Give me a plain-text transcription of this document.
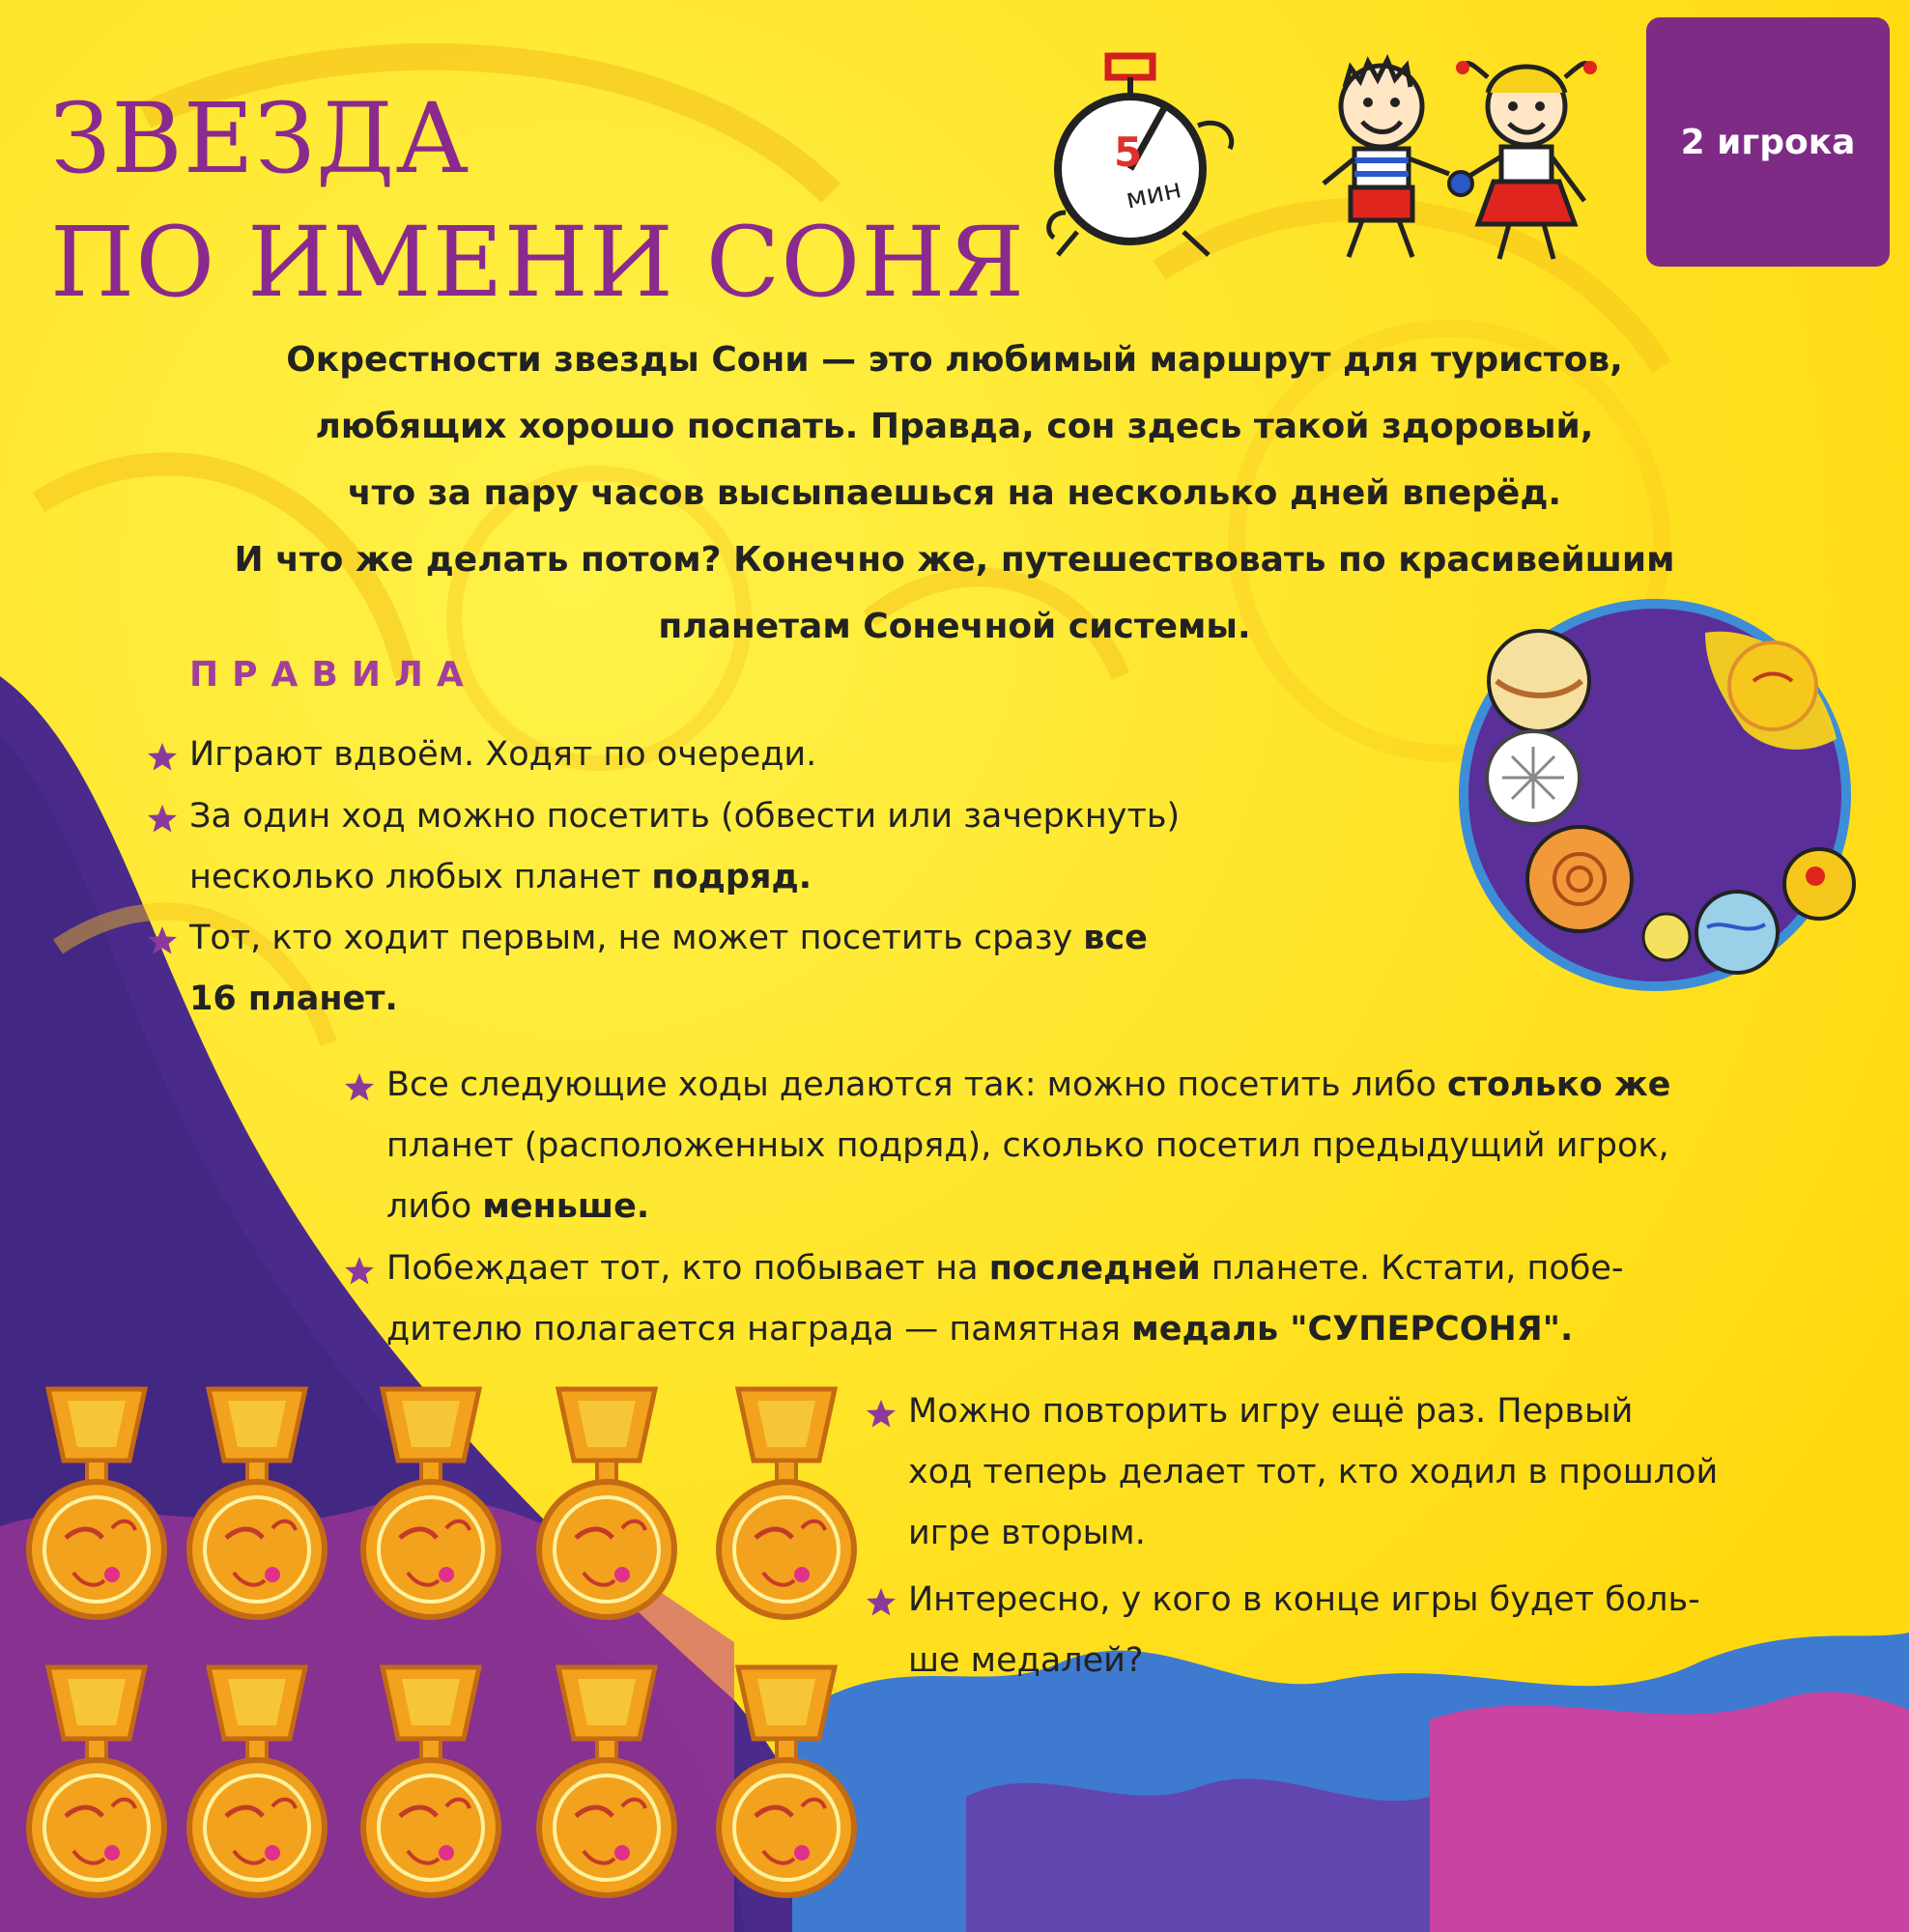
ЗВЕЗДА
ПО ИМЕНИ СОНЯ
5
мин
2 игрока
Окрестности звезды Сони — это любимый маршрут для туристов,
любящих хорошо поспать. Правда, сон здесь такой здоровый,
что за пару часов высыпаешься на несколько дней вперёд.
И что же делать потом? Конечно же, путешествовать по красивейшим
планетам Сонечной системы.
ПРАВИЛА
Играют вдвоём. Ходят по очереди.
За один ход можно посетить (обвести или зачеркнуть)
несколько любых планет подряд.
Тот, кто ходит первым, не может посетить сразу все
16 планет.
Все следующие ходы делаются так: можно посетить либо столько же
планет (расположенных подряд), сколько посетил предыдущий игрок,
либо меньше.
Побеждает тот, кто побывает на последней планете. Кстати, побе-
дителю полагается награда — памятная медаль "СУПЕРСОНЯ".
Можно повторить игру ещё раз. Первый
ход теперь делает тот, кто ходил в прошлой
игре вторым.
Интересно, у кого в конце игры будет боль-
ше медалей?
